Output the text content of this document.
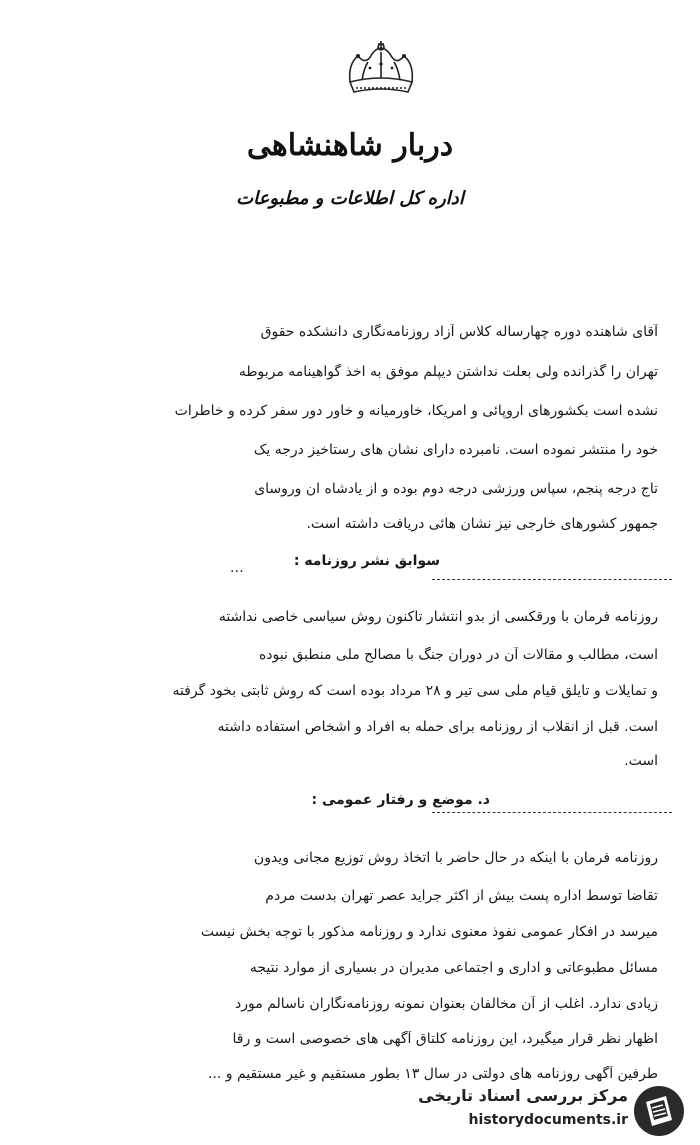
دربار شاهنشاهی
اداره کل اطلاعات و مطبوعات
آقای شاهنده دوره چهارساله کلاس آزاد روزنامه‌نگاری دانشکده حقوق
تهران را گذرانده ولی بعلت نداشتن دیپلم موفق به اخذ گواهینامه مربوطه
نشده است بکشورهای اروپائی و امریکا، خاورمیانه و خاور دور سفر کرده و خاطرات
خود را منتشر نموده است. نامبرده دارای نشان های رستاخیز درجه یک
تاج درجه پنجم، سپاس ورزشی درجه دوم بوده و از یادشاه ان وروسای
جمهور کشورهای خارجی نیز نشان هائی دریافت داشته است.
سوابق نشر روزنامه :
...
روزنامه فرمان با ورقکسی از بدو انتشار تاکنون روش سیاسی خاصی نداشته
است، مطالب و مقالات آن در دوران جنگ با مصالح ملی منطبق نبوده
و تمایلات و تایلق قیام ملی سی تیر و ۲۸ مرداد بوده است که روش ثابتی بخود گرفته
است. قبل از انقلاب از روزنامه برای حمله به افراد و اشخاص استفاده داشته
است.
د. موضع و رفتار عمومی :
روزنامه فرمان با اینکه در حال حاضر با اتخاذ روش توزیع مجانی ویدون
تقاضا توسط اداره پست بیش از اکثر جراید عصر تهران بدست مردم
میرسد در افکار عمومی نفوذ معنوی ندارد و روزنامه مذکور با توجه بخش نیست
مسائل مطبوعاتی و اداری و اجتماعی مدیران در بسیاری از موارد نتیجه
زیادی ندارد. اغلب از آن مخالفان بعنوان نمونه روزنامه‌نگاران ناسالم مورد
اظهار نظر قرار میگیرد، این روزنامه کلتاق آگهی های خصوصی است و رقا
طرفین آگهی روزنامه های دولتی در سال ۱۳ بطور مستقیم و غیر مستقیم و ...
مرکز بررسی اسناد تاریخی
historydocuments.ir
